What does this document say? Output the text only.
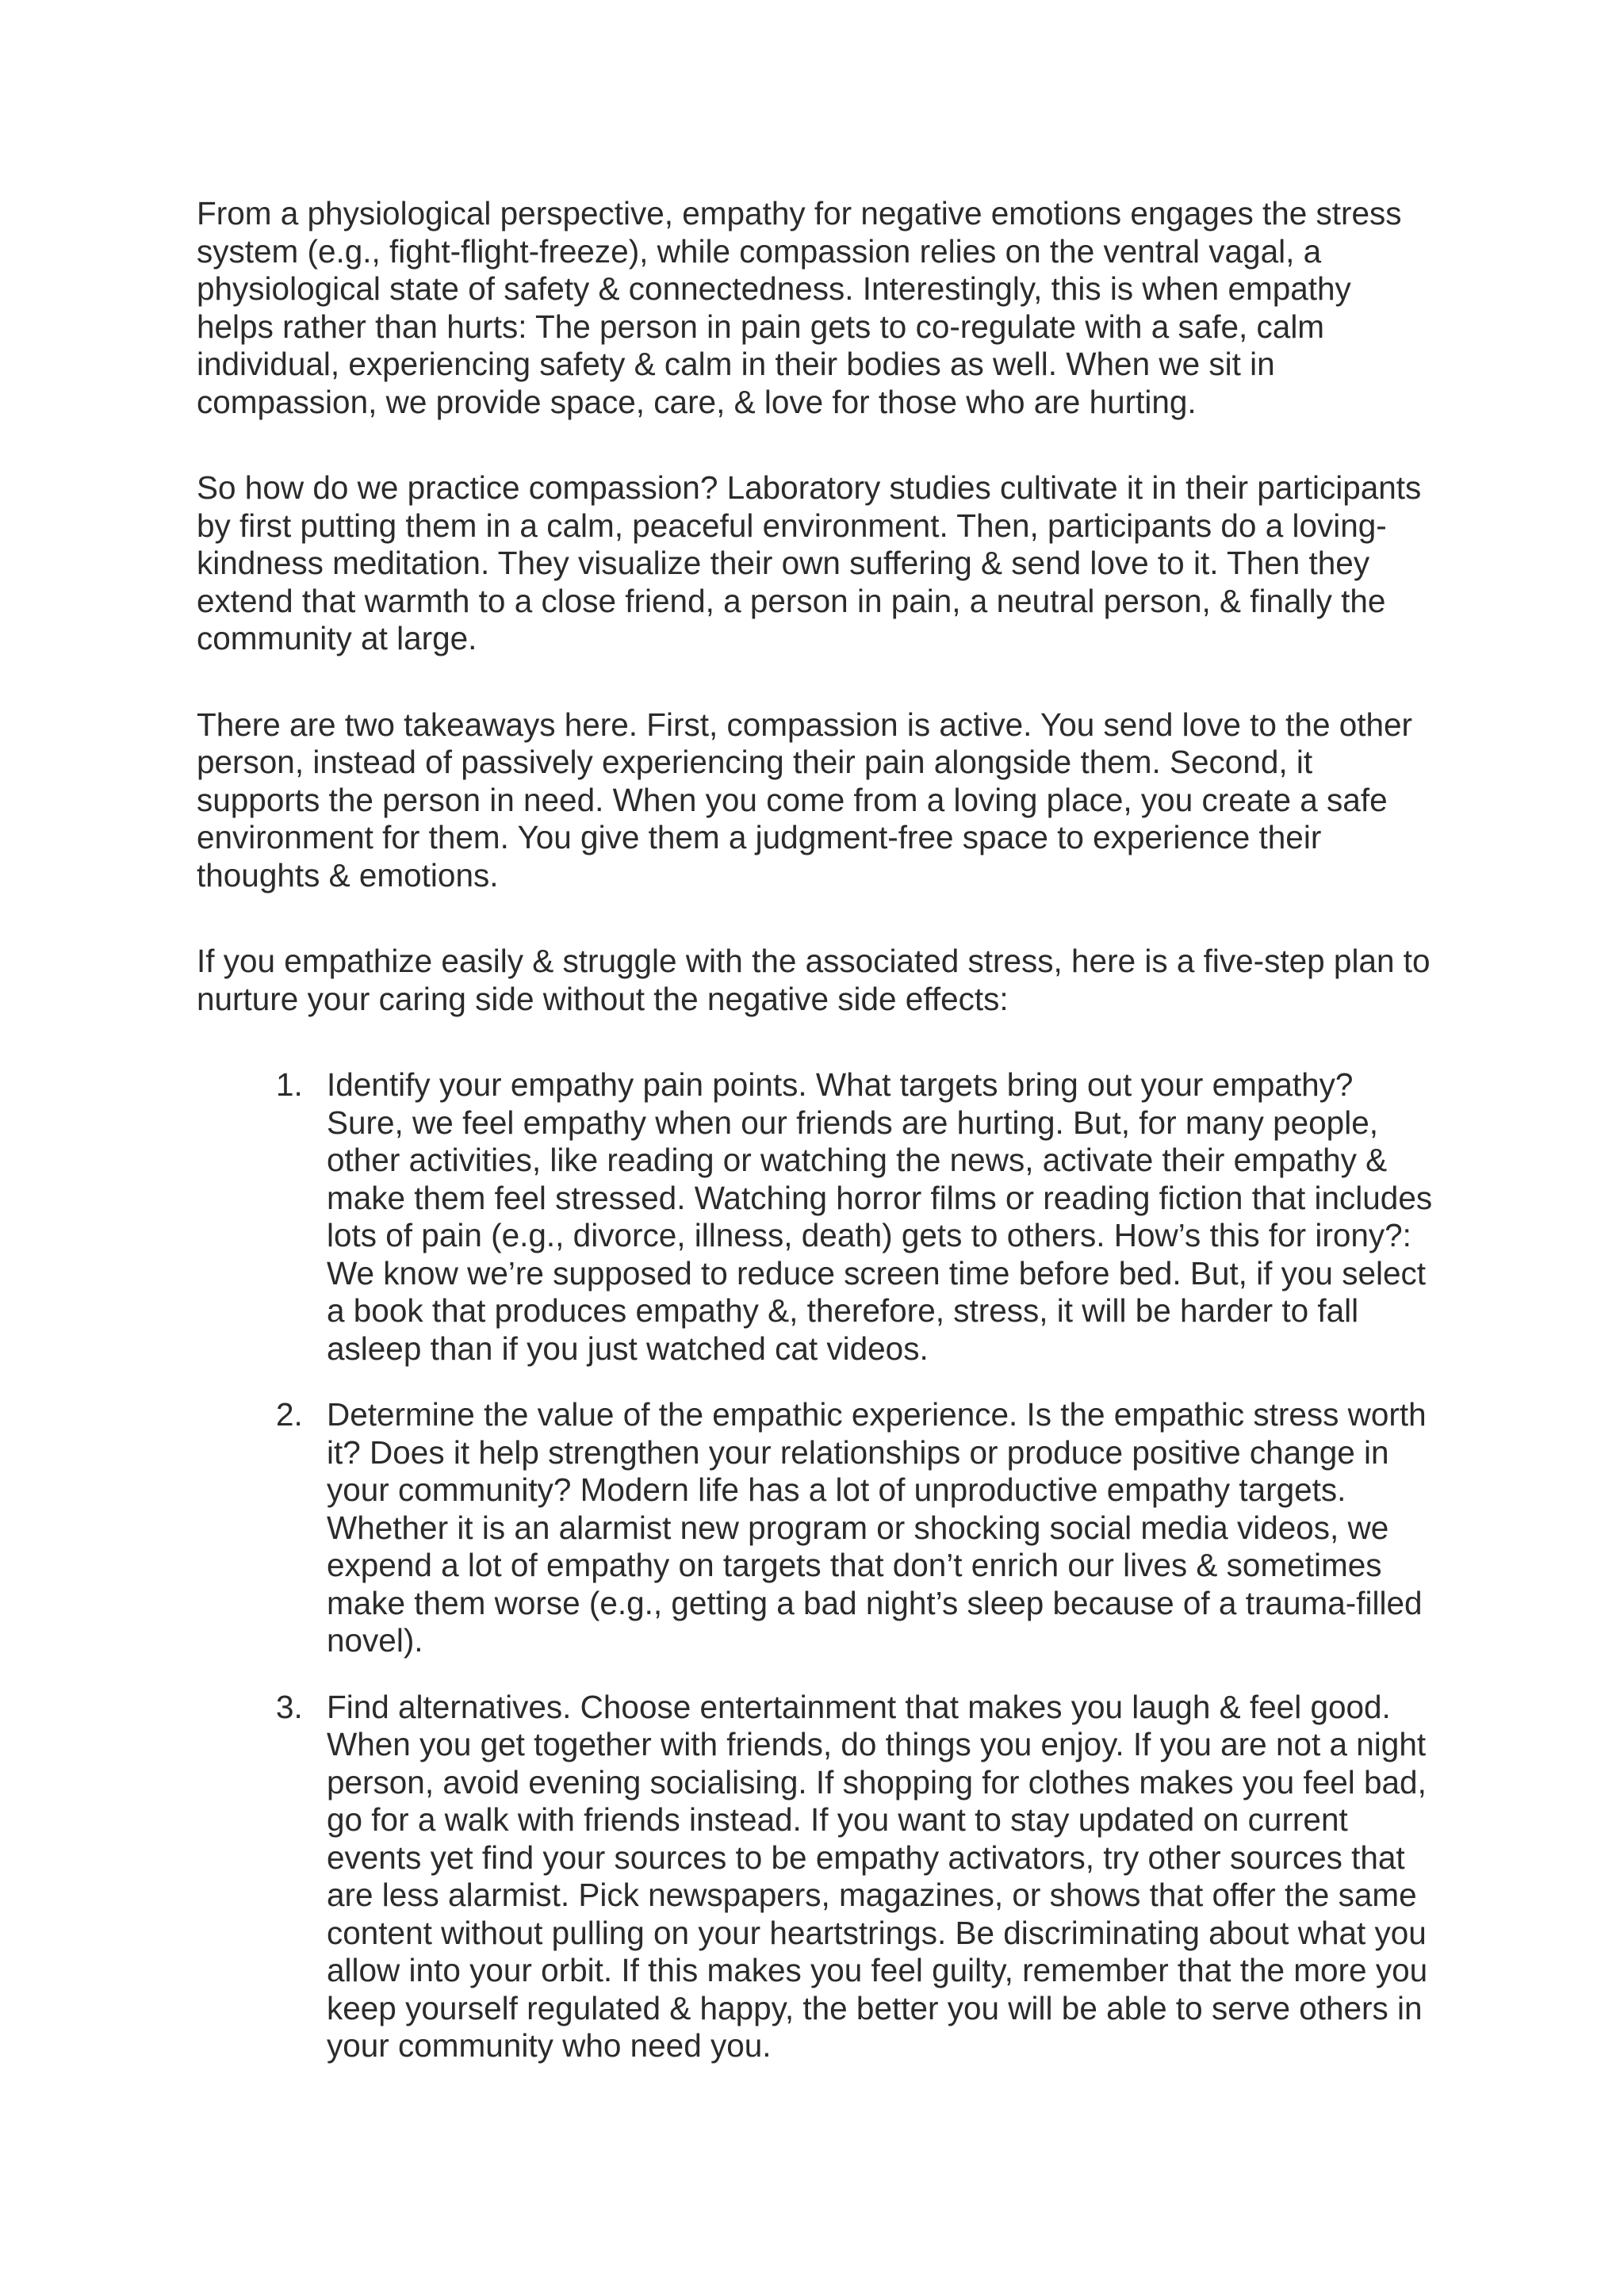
From a physiological perspective, empathy for negative emotions engages the stress system (e.g., fight-flight-freeze), while compassion relies on the ventral vagal, a physiological state of safety & connectedness. Interestingly, this is when empathy helps rather than hurts: The person in pain gets to co-regulate with a safe, calm individual, experiencing safety & calm in their bodies as well. When we sit in compassion, we provide space, care, & love for those who are hurting.

So how do we practice compassion? Laboratory studies cultivate it in their participants by first putting them in a calm, peaceful environment. Then, participants do a loving-kindness meditation. They visualize their own suffering & send love to it. Then they extend that warmth to a close friend, a person in pain, a neutral person, & finally the community at large.

There are two takeaways here. First, compassion is active. You send love to the other person, instead of passively experiencing their pain alongside them. Second, it supports the person in need. When you come from a loving place, you create a safe environment for them. You give them a judgment-free space to experience their thoughts & emotions.

If you empathize easily & struggle with the associated stress, here is a five-step plan to nurture your caring side without the negative side effects:

1. Identify your empathy pain points. What targets bring out your empathy? Sure, we feel empathy when our friends are hurting. But, for many people, other activities, like reading or watching the news, activate their empathy & make them feel stressed. Watching horror films or reading fiction that includes lots of pain (e.g., divorce, illness, death) gets to others. How’s this for irony?: We know we’re supposed to reduce screen time before bed. But, if you select a book that produces empathy &, therefore, stress, it will be harder to fall asleep than if you just watched cat videos.
2. Determine the value of the empathic experience. Is the empathic stress worth it? Does it help strengthen your relationships or produce positive change in your community? Modern life has a lot of unproductive empathy targets. Whether it is an alarmist new program or shocking social media videos, we expend a lot of empathy on targets that don’t enrich our lives & sometimes make them worse (e.g., getting a bad night’s sleep because of a trauma-filled novel).
3. Find alternatives. Choose entertainment that makes you laugh & feel good. When you get together with friends, do things you enjoy. If you are not a night person, avoid evening socialising. If shopping for clothes makes you feel bad, go for a walk with friends instead. If you want to stay updated on current events yet find your sources to be empathy activators, try other sources that are less alarmist. Pick newspapers, magazines, or shows that offer the same content without pulling on your heartstrings. Be discriminating about what you allow into your orbit. If this makes you feel guilty, remember that the more you keep yourself regulated & happy, the better you will be able to serve others in your community who need you.
